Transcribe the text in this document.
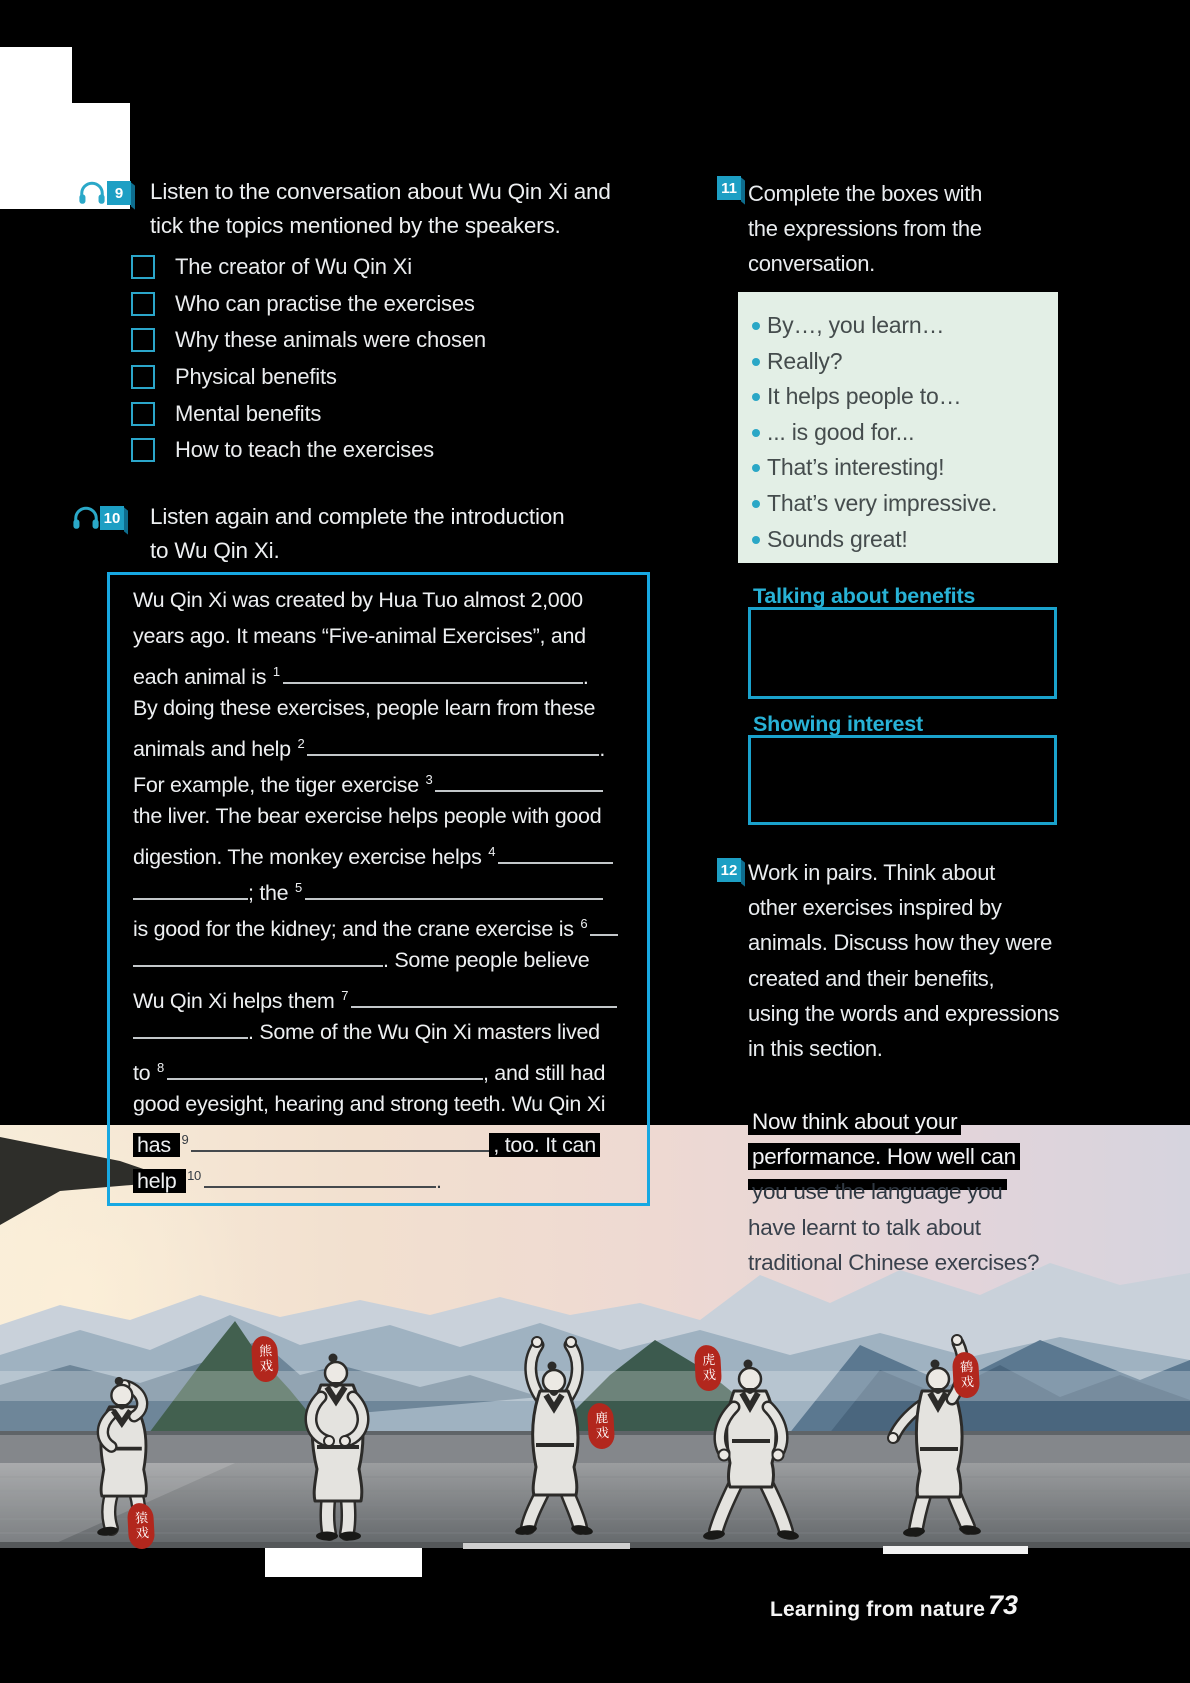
猿戏
熊戏
鹿戏
虎戏	鹤戏
9	Listen to the conversation about Wu Qin Xi and
tick the topics mentioned by the speakers.
The creator of Wu Qin Xi
Who can practise the exercises
Why these animals were chosen
Physical benefits
Mental benefits
How to teach the exercises
10 Listen again and complete the introduction
to Wu Qin Xi.
Wu Qin Xi was created by Hua Tuo almost 2,000
years ago. It means “Five-animal Exercises”, and
each animal is $^1$	.
By doing these exercises, people learn from these
animals and help $^2$	.
For example, the tiger exercise $^3$
the liver. The bear exercise helps people with good
digestion. The monkey exercise helps $^4$
; the $^5$
is good for the kidney; and the crane exercise is $^6$
. Some people believe
Wu Qin Xi helps them $^7$
. Some of the Wu Qin Xi masters lived
to $^8$	, and still had
good eyesight, hearing and strong teeth. Wu Qin Xi
has $^9$	, too. It can
help $^{10}$	.
11 Complete the boxes with
the expressions from the
conversation.
By…, you learn…
Really?
It helps people to…
... is good for...
That’s interesting!
That’s very impressive.
Sounds great!
Talking about benefits
Showing interest
12 Work in pairs. Think about
other exercises inspired by
animals. Discuss how they were
created and their benefits,
using the words and expressions
in this section.
Now think about your
performance. How well can
you use the language you
have learnt to talk about
traditional Chinese exercises?
Learning from nature 73
